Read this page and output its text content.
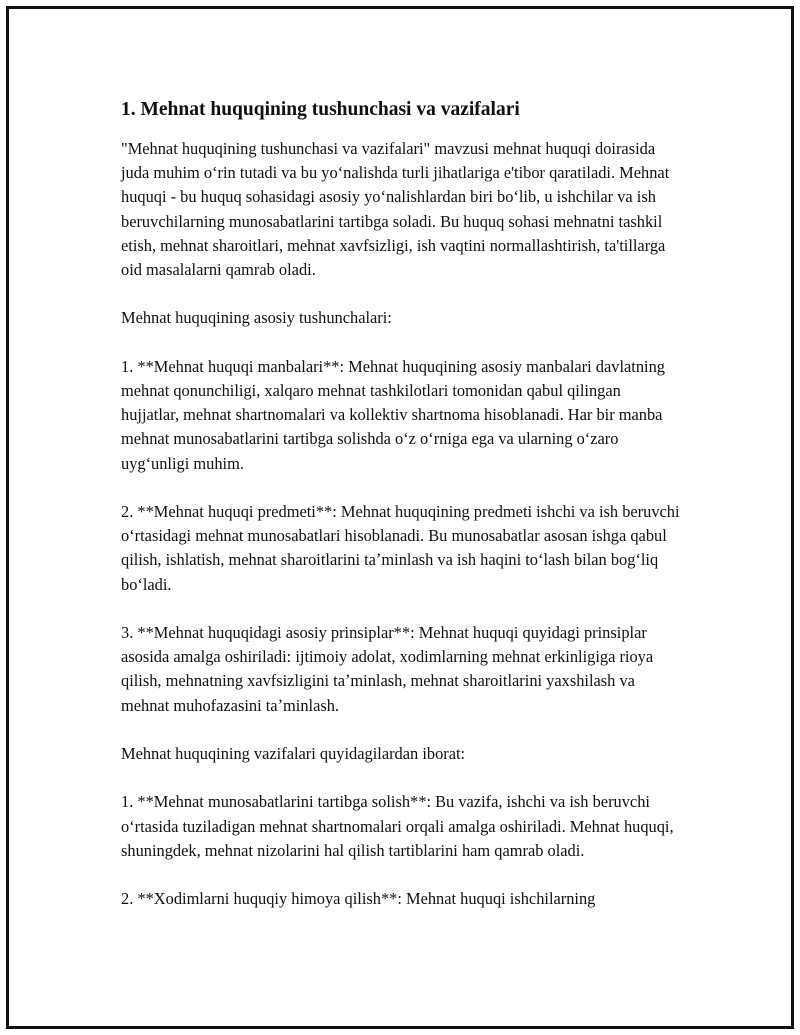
1. Mehnat huquqining tushunchasi va vazifalari

"Mehnat huquqining tushunchasi va vazifalari" mavzusi mehnat huquqi doirasida juda muhim oʻrin tutadi va bu yoʻnalishda turli jihatlariga e'tibor qaratiladi. Mehnat huquqi - bu huquq sohasidagi asosiy yoʻnalishlardan biri boʻlib, u ishchilar va ish beruvchilarning munosabatlarini tartibga soladi. Bu huquq sohasi mehnatni tashkil etish, mehnat sharoitlari, mehnat xavfsizligi, ish vaqtini normallashtirish, ta'tillarga oid masalalarni qamrab oladi.

Mehnat huquqining asosiy tushunchalari:

1. **Mehnat huquqi manbalari**: Mehnat huquqining asosiy manbalari davlatning mehnat qonunchiligi, xalqaro mehnat tashkilotlari tomonidan qabul qilingan hujjatlar, mehnat shartnomalari va kollektiv shartnoma hisoblanadi. Har bir manba mehnat munosabatlarini tartibga solishda oʻz oʻrniga ega va ularning oʻzaro uygʻunligi muhim.

2. **Mehnat huquqi predmeti**: Mehnat huquqining predmeti ishchi va ish beruvchi oʻrtasidagi mehnat munosabatlari hisoblanadi. Bu munosabatlar asosan ishga qabul qilish, ishlatish, mehnat sharoitlarini taʼminlash va ish haqini toʻlash bilan bogʻliq boʻladi.

3. **Mehnat huquqidagi asosiy prinsiplar**: Mehnat huquqi quyidagi prinsiplar asosida amalga oshiriladi: ijtimoiy adolat, xodimlarning mehnat erkinligiga rioya qilish, mehnatning xavfsizligini taʼminlash, mehnat sharoitlarini yaxshilash va mehnat muhofazasini taʼminlash.

Mehnat huquqining vazifalari quyidagilardan iborat:

1. **Mehnat munosabatlarini tartibga solish**: Bu vazifa, ishchi va ish beruvchi oʻrtasida tuziladigan mehnat shartnomalari orqali amalga oshiriladi. Mehnat huquqi, shuningdek, mehnat nizolarini hal qilish tartiblarini ham qamrab oladi.

2. **Xodimlarni huquqiy himoya qilish**: Mehnat huquqi ishchilarning
